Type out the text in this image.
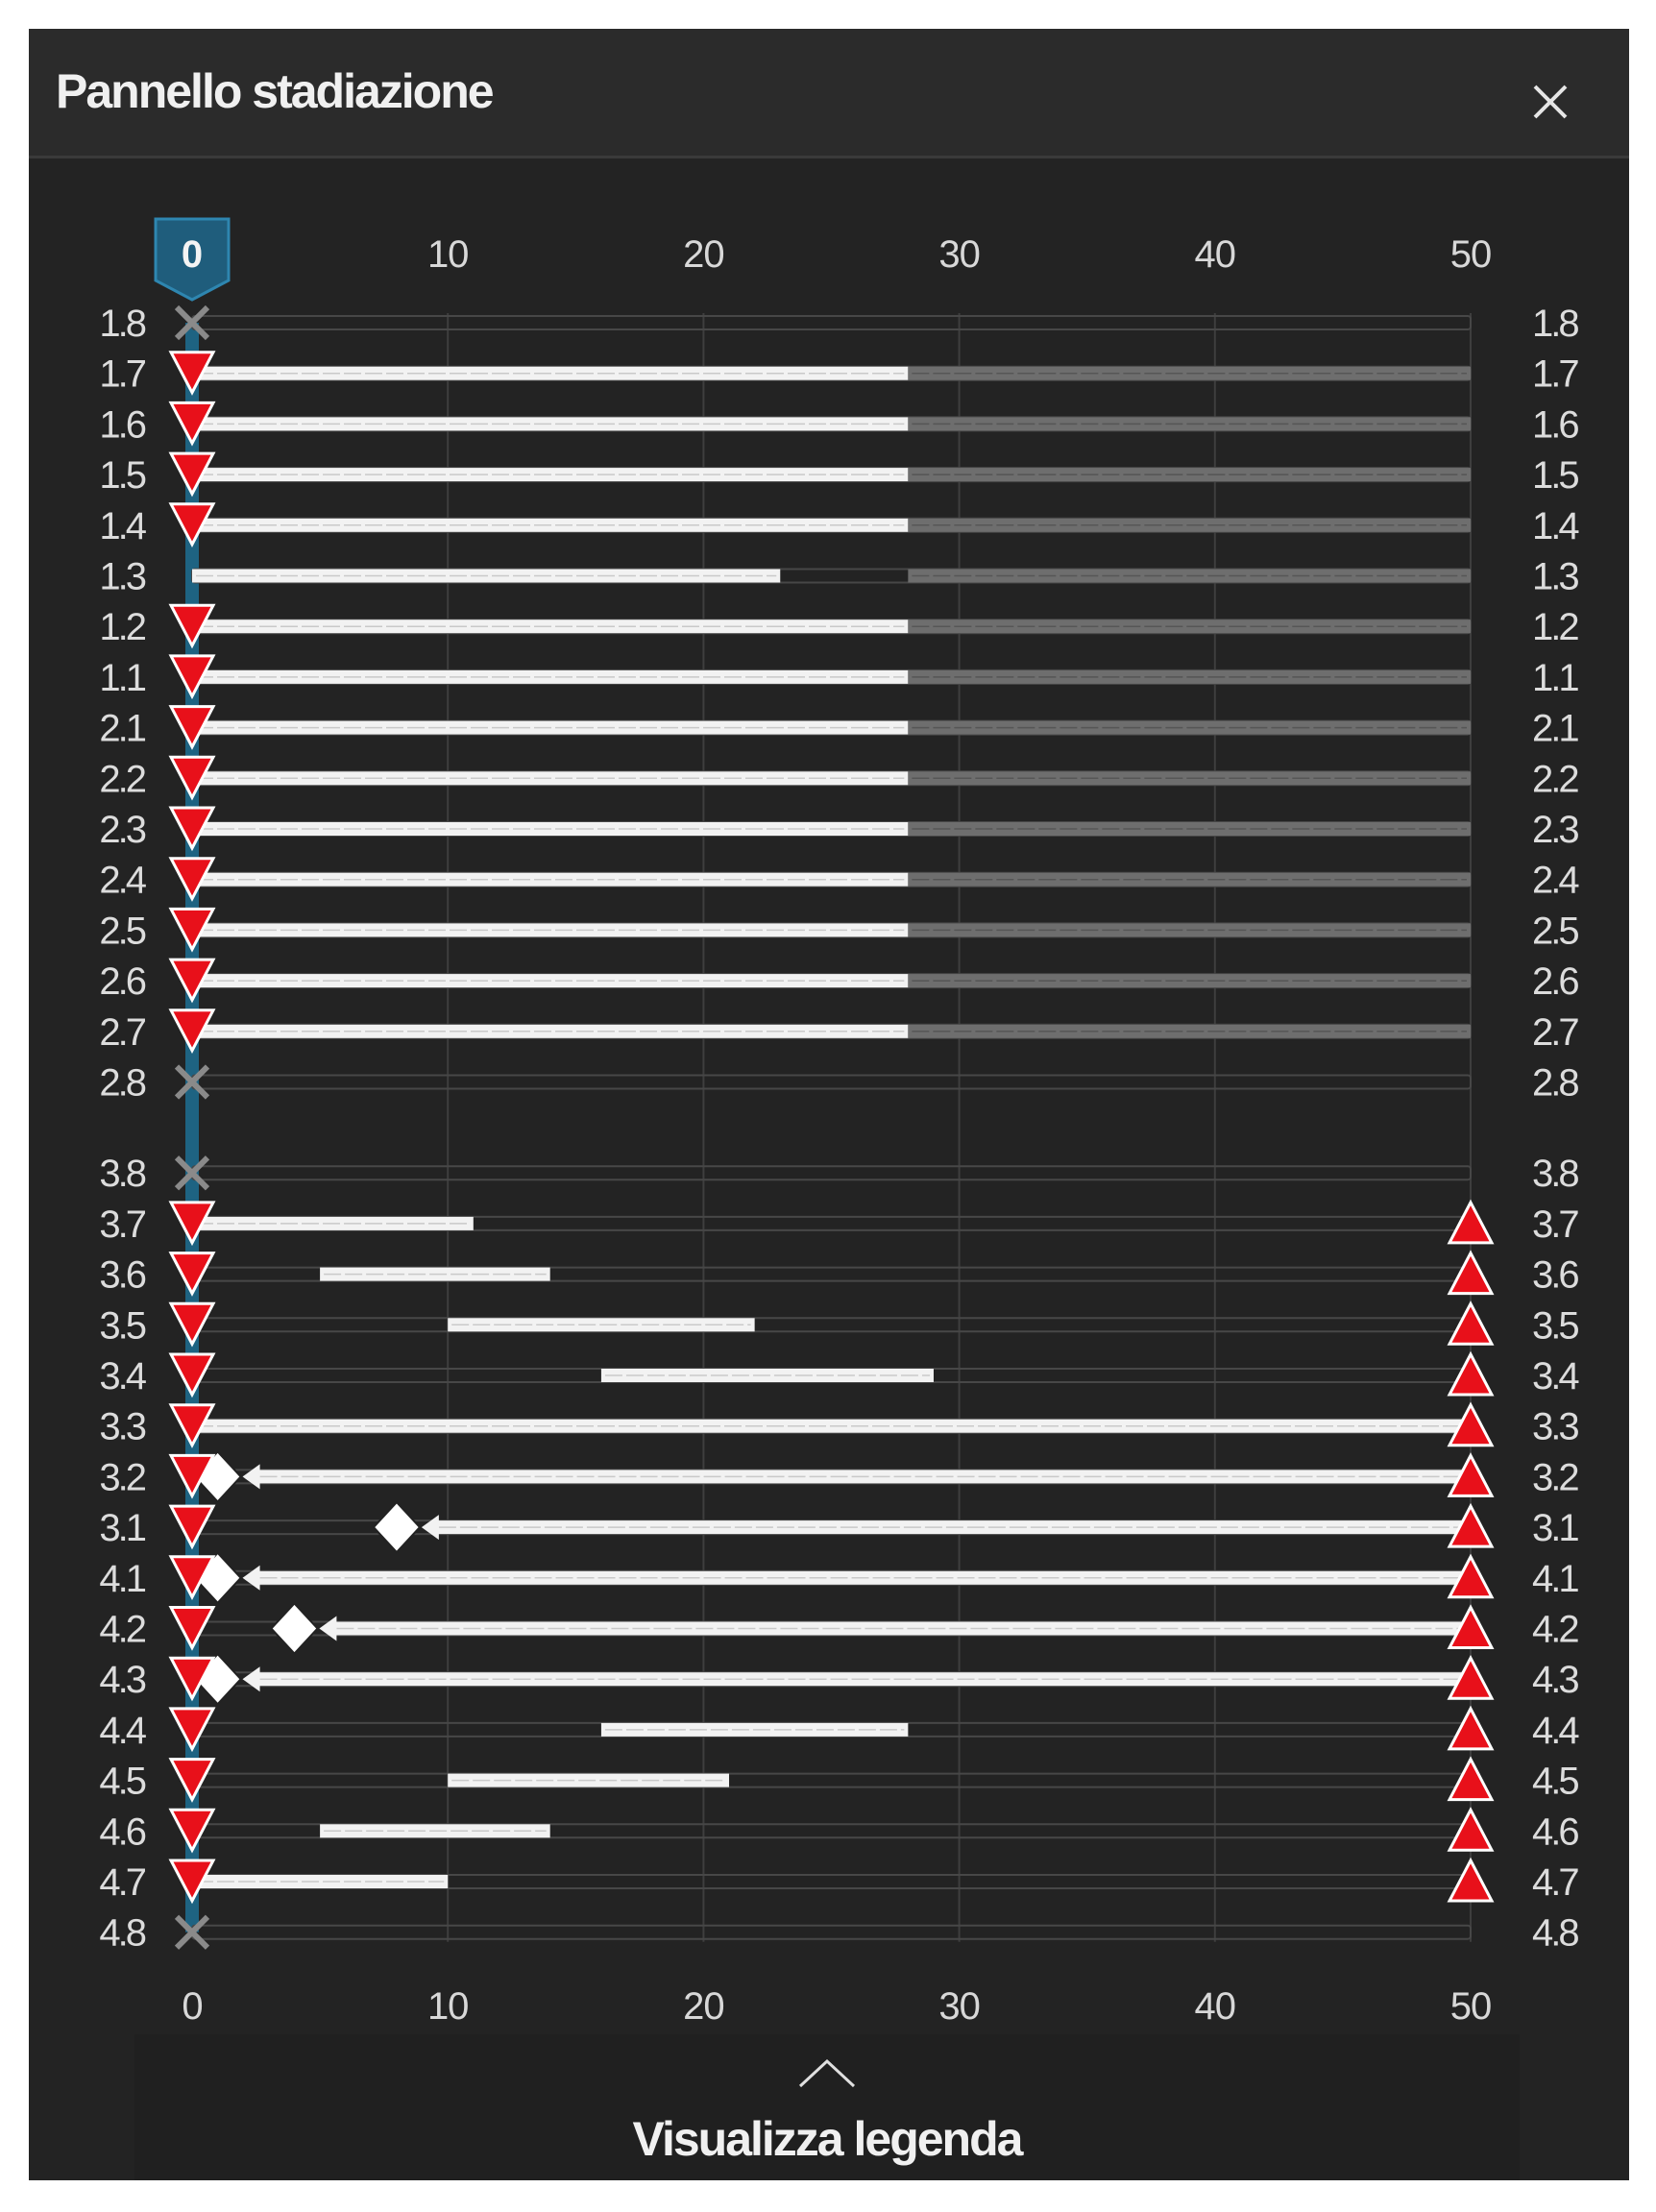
Pannello stadiazione
0
10
10
20
20
30
30
40
40
50
50
0
1.8	1.8
1.7	1.7
1.6	1.6
1.5	1.5
1.4	1.4
1.3	1.3
1.2	1.2
1.1	1.1
2.1	2.1
2.2	2.2
2.3	2.3
2.4	2.4
2.5	2.5
2.6	2.6
2.7	2.7
2.8	2.8
3.8	3.8
3.7	3.7
3.6	3.6
3.5	3.5
3.4	3.4
3.3	3.3
3.2	3.2
3.1	3.1
4.1	4.1
4.2	4.2
4.3	4.3
4.4	4.4
4.5	4.5
4.6	4.6
4.7	4.7
4.8	4.8
Visualizza legenda
